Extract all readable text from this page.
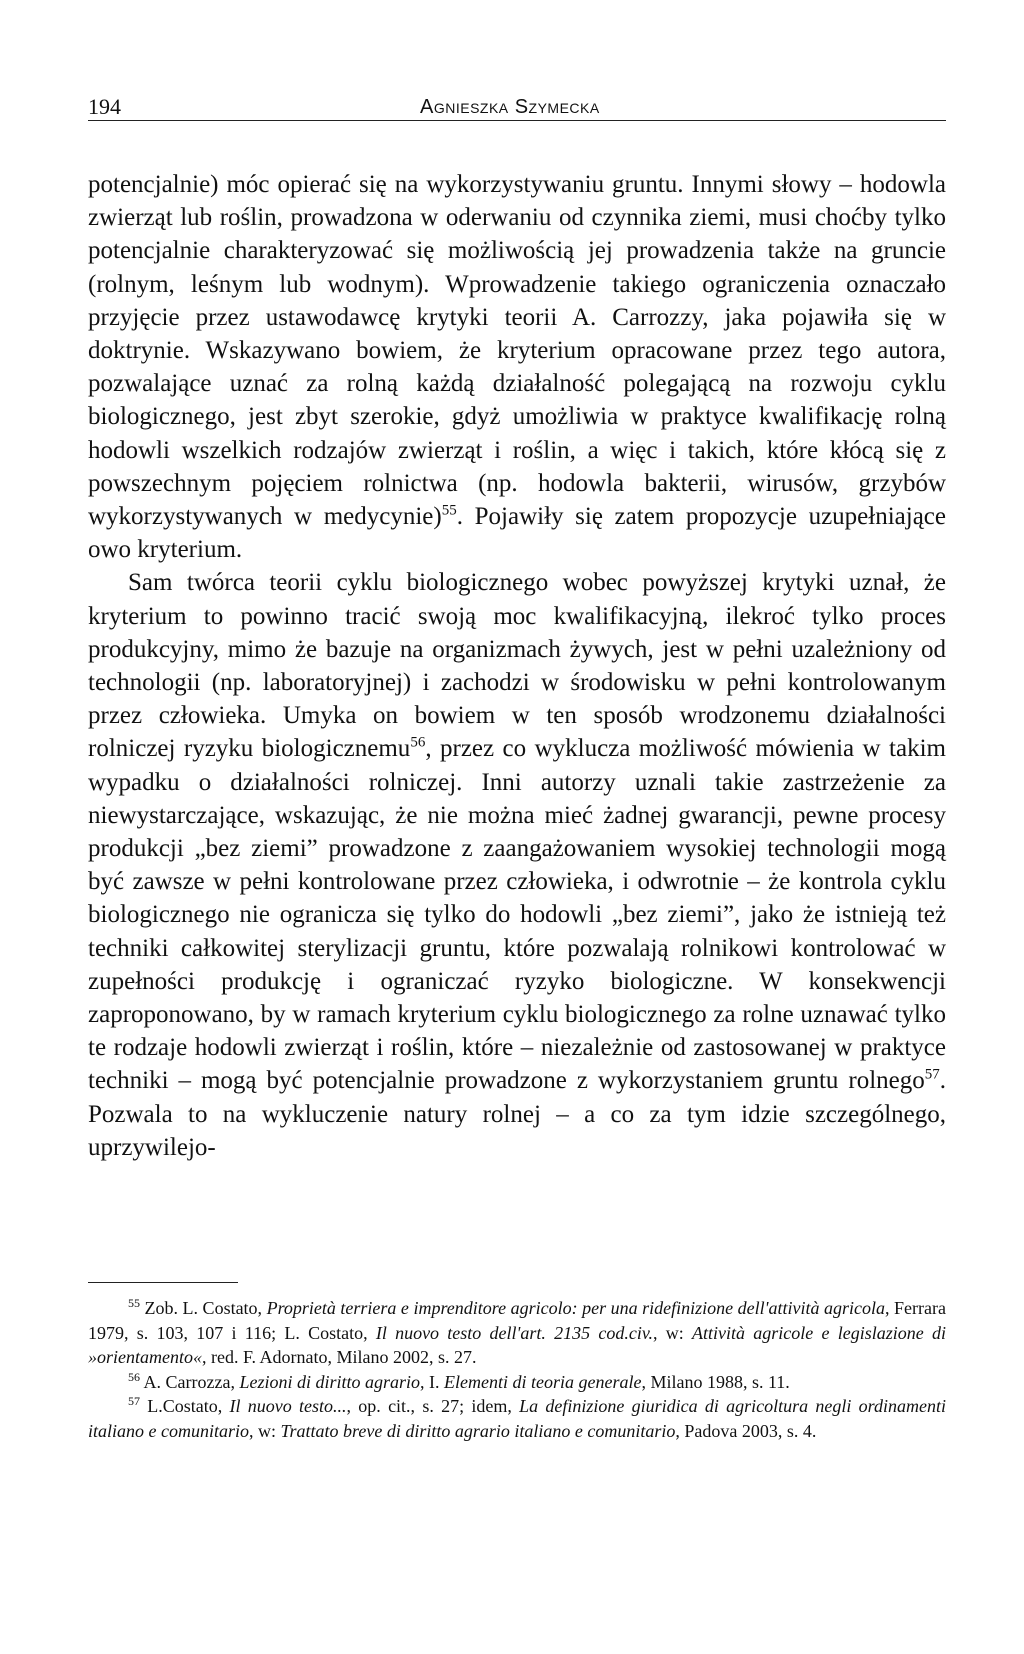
194	Agnieszka Szymecka

potencjalnie) móc opierać się na wykorzystywaniu gruntu. Innymi słowy – hodowla zwierząt lub roślin, prowadzona w oderwaniu od czynnika ziemi, musi choćby tylko potencjalnie charakteryzować się możliwością jej prowadzenia także na gruncie (rolnym, leśnym lub wodnym). Wprowadzenie takiego ograniczenia oznaczało przyjęcie przez ustawodawcę krytyki teorii A. Carrozzy, jaka pojawiła się w doktrynie. Wskazywano bowiem, że kryterium opracowane przez tego autora, pozwalające uznać za rolną każdą działalność polegającą na rozwoju cyklu biologicznego, jest zbyt szerokie, gdyż umożliwia w praktyce kwalifikację rolną hodowli wszelkich rodzajów zwierząt i roślin, a więc i takich, które kłócą się z powszechnym pojęciem rolnictwa (np. hodowla bakterii, wirusów, grzybów wykorzystywanych w medycynie)$^{55}$. Pojawiły się zatem propozycje uzupełniające owo kryterium.

Sam twórca teorii cyklu biologicznego wobec powyższej krytyki uznał, że kryterium to powinno tracić swoją moc kwalifikacyjną, ilekroć tylko proces produkcyjny, mimo że bazuje na organizmach żywych, jest w pełni uzależniony od technologii (np. laboratoryjnej) i zachodzi w środowisku w pełni kontrolowanym przez człowieka. Umyka on bowiem w ten sposób wrodzonemu działalności rolniczej ryzyku biologicznemu$^{56}$, przez co wyklucza możliwość mówienia w takim wypadku o działalności rolniczej. Inni autorzy uznali takie zastrzeżenie za niewystarczające, wskazując, że nie można mieć żadnej gwarancji, pewne procesy produkcji „bez ziemi” prowadzone z zaangażowaniem wysokiej technologii mogą być zawsze w pełni kontrolowane przez człowieka, i odwrotnie – że kontrola cyklu biologicznego nie ogranicza się tylko do hodowli „bez ziemi”, jako że istnieją też techniki całkowitej sterylizacji gruntu, które pozwalają rolnikowi kontrolować w zupełności produkcję i ograniczać ryzyko biologiczne. W konsekwencji zaproponowano, by w ramach kryterium cyklu biologicznego za rolne uznawać tylko te rodzaje hodowli zwierząt i roślin, które – niezależnie od zastosowanej w praktyce techniki – mogą być potencjalnie prowadzone z wykorzystaniem gruntu rolnego$^{57}$. Pozwala to na wykluczenie natury rolnej – a co za tym idzie szczególnego, uprzywilejo-

$^{55}$ Zob. L. Costato, Proprietà terriera e imprenditore agricolo: per una ridefinizione dell'attività agricola, Ferrara 1979, s. 103, 107 i 116; L. Costato, Il nuovo testo dell'art. 2135 cod.civ., w: Attività agricole e legislazione di »orientamento«, red. F. Adornato, Milano 2002, s. 27.

$^{56}$ A. Carrozza, Lezioni di diritto agrario, I. Elementi di teoria generale, Milano 1988, s. 11.

$^{57}$ L.Costato, Il nuovo testo..., op. cit., s. 27; idem, La definizione giuridica di agricoltura negli ordinamenti italiano e comunitario, w: Trattato breve di diritto agrario italiano e comunitario, Padova 2003, s. 4.
